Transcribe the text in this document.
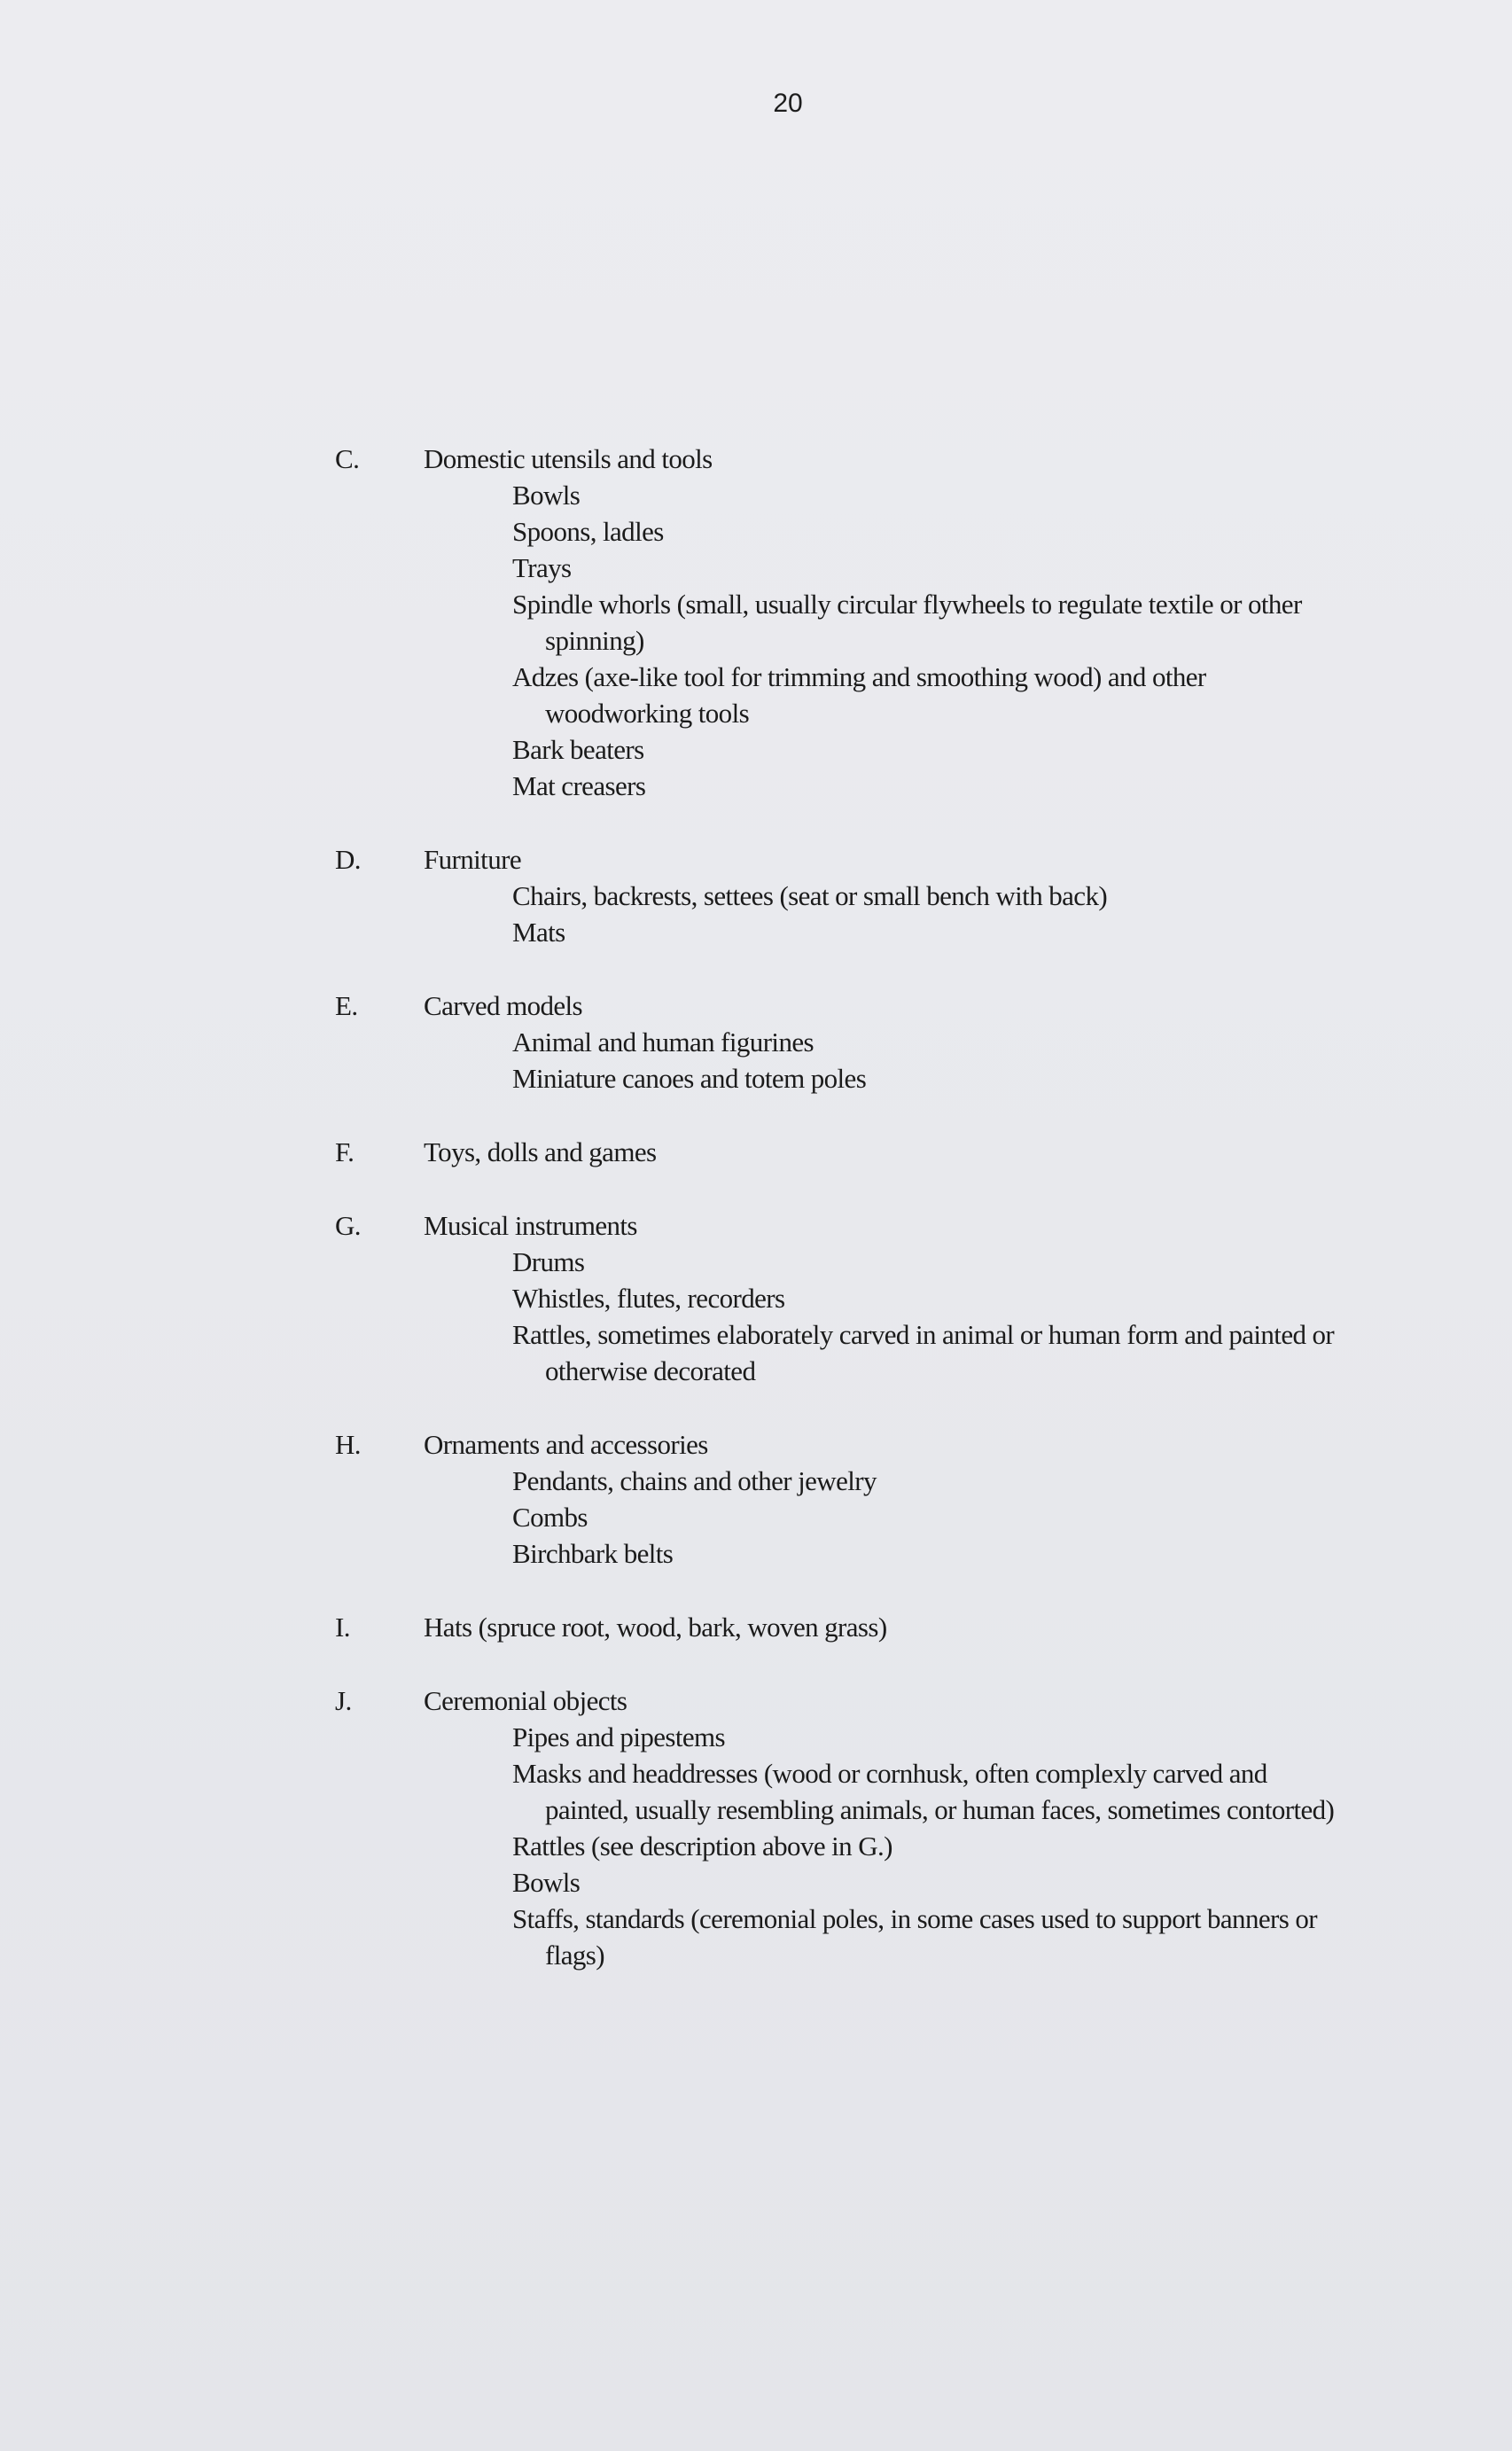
20
C. Domestic utensils and tools
Bowls
Spoons, ladles
Trays
Spindle whorls (small, usually circular flywheels to regulate textile or other spinning)
Adzes (axe-like tool for trimming and smoothing wood) and other woodworking tools
Bark beaters
Mat creasers
D. Furniture
Chairs, backrests, settees (seat or small bench with back)
Mats
E. Carved models
Animal and human figurines
Miniature canoes and totem poles
F.	Toys, dolls and games
G. Musical instruments
Drums
Whistles, flutes, recorders
Rattles, sometimes elaborately carved in animal or human form and painted or otherwise decorated
H. Ornaments and accessories
Pendants, chains and other jewelry
Combs
Birchbark belts
I.	Hats (spruce root, wood, bark, woven grass)
J.	Ceremonial objects
Pipes and pipestems
Masks and headdresses (wood or cornhusk, often complexly carved and painted, usually resembling animals, or human faces, sometimes contorted)
Rattles (see description above in G.)
Bowls
Staffs, standards (ceremonial poles, in some cases used to support banners or flags)
